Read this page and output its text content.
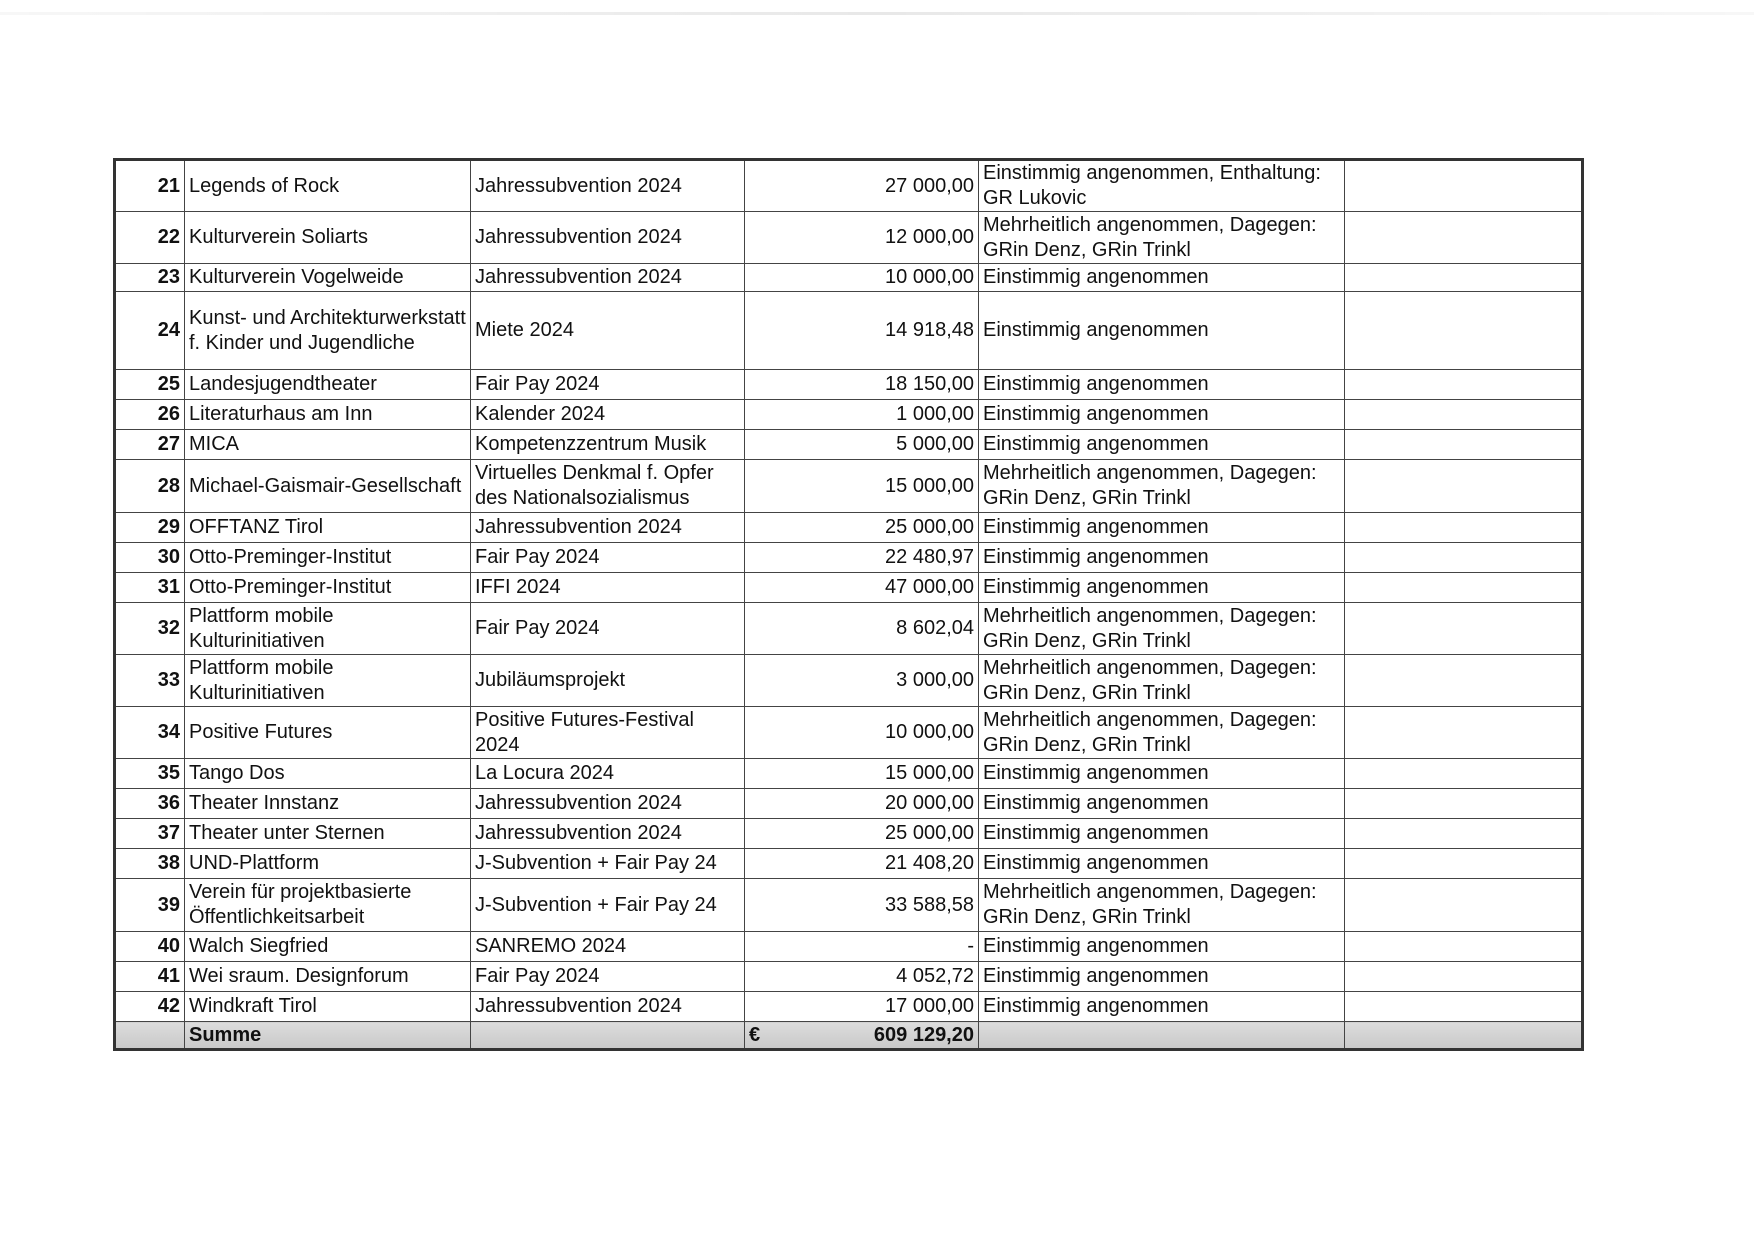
21	Legends of Rock	Jahressubvention 2024	27 000,00	Einstimmig angenommen, Enthaltung: GR Lukovic	
22	Kulturverein Soliarts	Jahressubvention 2024	12 000,00	Mehrheitlich angenommen, Dagegen: GRin Denz, GRin Trinkl	
23	Kulturverein Vogelweide	Jahressubvention 2024	10 000,00	Einstimmig angenommen	
24	Kunst- und Architekturwerkstatt f. Kinder und Jugendliche	Miete 2024	14 918,48	Einstimmig angenommen	
25	Landesjugendtheater	Fair Pay 2024	18 150,00	Einstimmig angenommen	
26	Literaturhaus am Inn	Kalender 2024	1 000,00	Einstimmig angenommen	
27	MICA	Kompetenzzentrum Musik	5 000,00	Einstimmig angenommen	
28	Michael-Gaismair-Gesellschaft	Virtuelles Denkmal f. Opfer des Nationalsozialismus	15 000,00	Mehrheitlich angenommen, Dagegen: GRin Denz, GRin Trinkl	
29	OFFTANZ Tirol	Jahressubvention 2024	25 000,00	Einstimmig angenommen	
30	Otto-Preminger-Institut	Fair Pay 2024	22 480,97	Einstimmig angenommen	
31	Otto-Preminger-Institut	IFFI 2024	47 000,00	Einstimmig angenommen	
32	Plattform mobile Kulturinitiativen	Fair Pay 2024	8 602,04	Mehrheitlich angenommen, Dagegen: GRin Denz, GRin Trinkl	
33	Plattform mobile Kulturinitiativen	Jubiläumsprojekt	3 000,00	Mehrheitlich angenommen, Dagegen: GRin Denz, GRin Trinkl	
34	Positive Futures	Positive Futures-Festival 2024	10 000,00	Mehrheitlich angenommen, Dagegen: GRin Denz, GRin Trinkl	
35	Tango Dos	La Locura 2024	15 000,00	Einstimmig angenommen	
36	Theater Innstanz	Jahressubvention 2024	20 000,00	Einstimmig angenommen	
37	Theater unter Sternen	Jahressubvention 2024	25 000,00	Einstimmig angenommen	
38	UND-Plattform	J-Subvention + Fair Pay 24	21 408,20	Einstimmig angenommen	
39	Verein für projektbasierte Öffentlichkeitsarbeit	J-Subvention + Fair Pay 24	33 588,58	Mehrheitlich angenommen, Dagegen: GRin Denz, GRin Trinkl	
40	Walch Siegfried	SANREMO 2024	-	Einstimmig angenommen	
41	Wei sraum. Designforum	Fair Pay 2024	4 052,72	Einstimmig angenommen	
42	Windkraft Tirol	Jahressubvention 2024	17 000,00	Einstimmig angenommen	
	Summe		€ 609 129,20		
